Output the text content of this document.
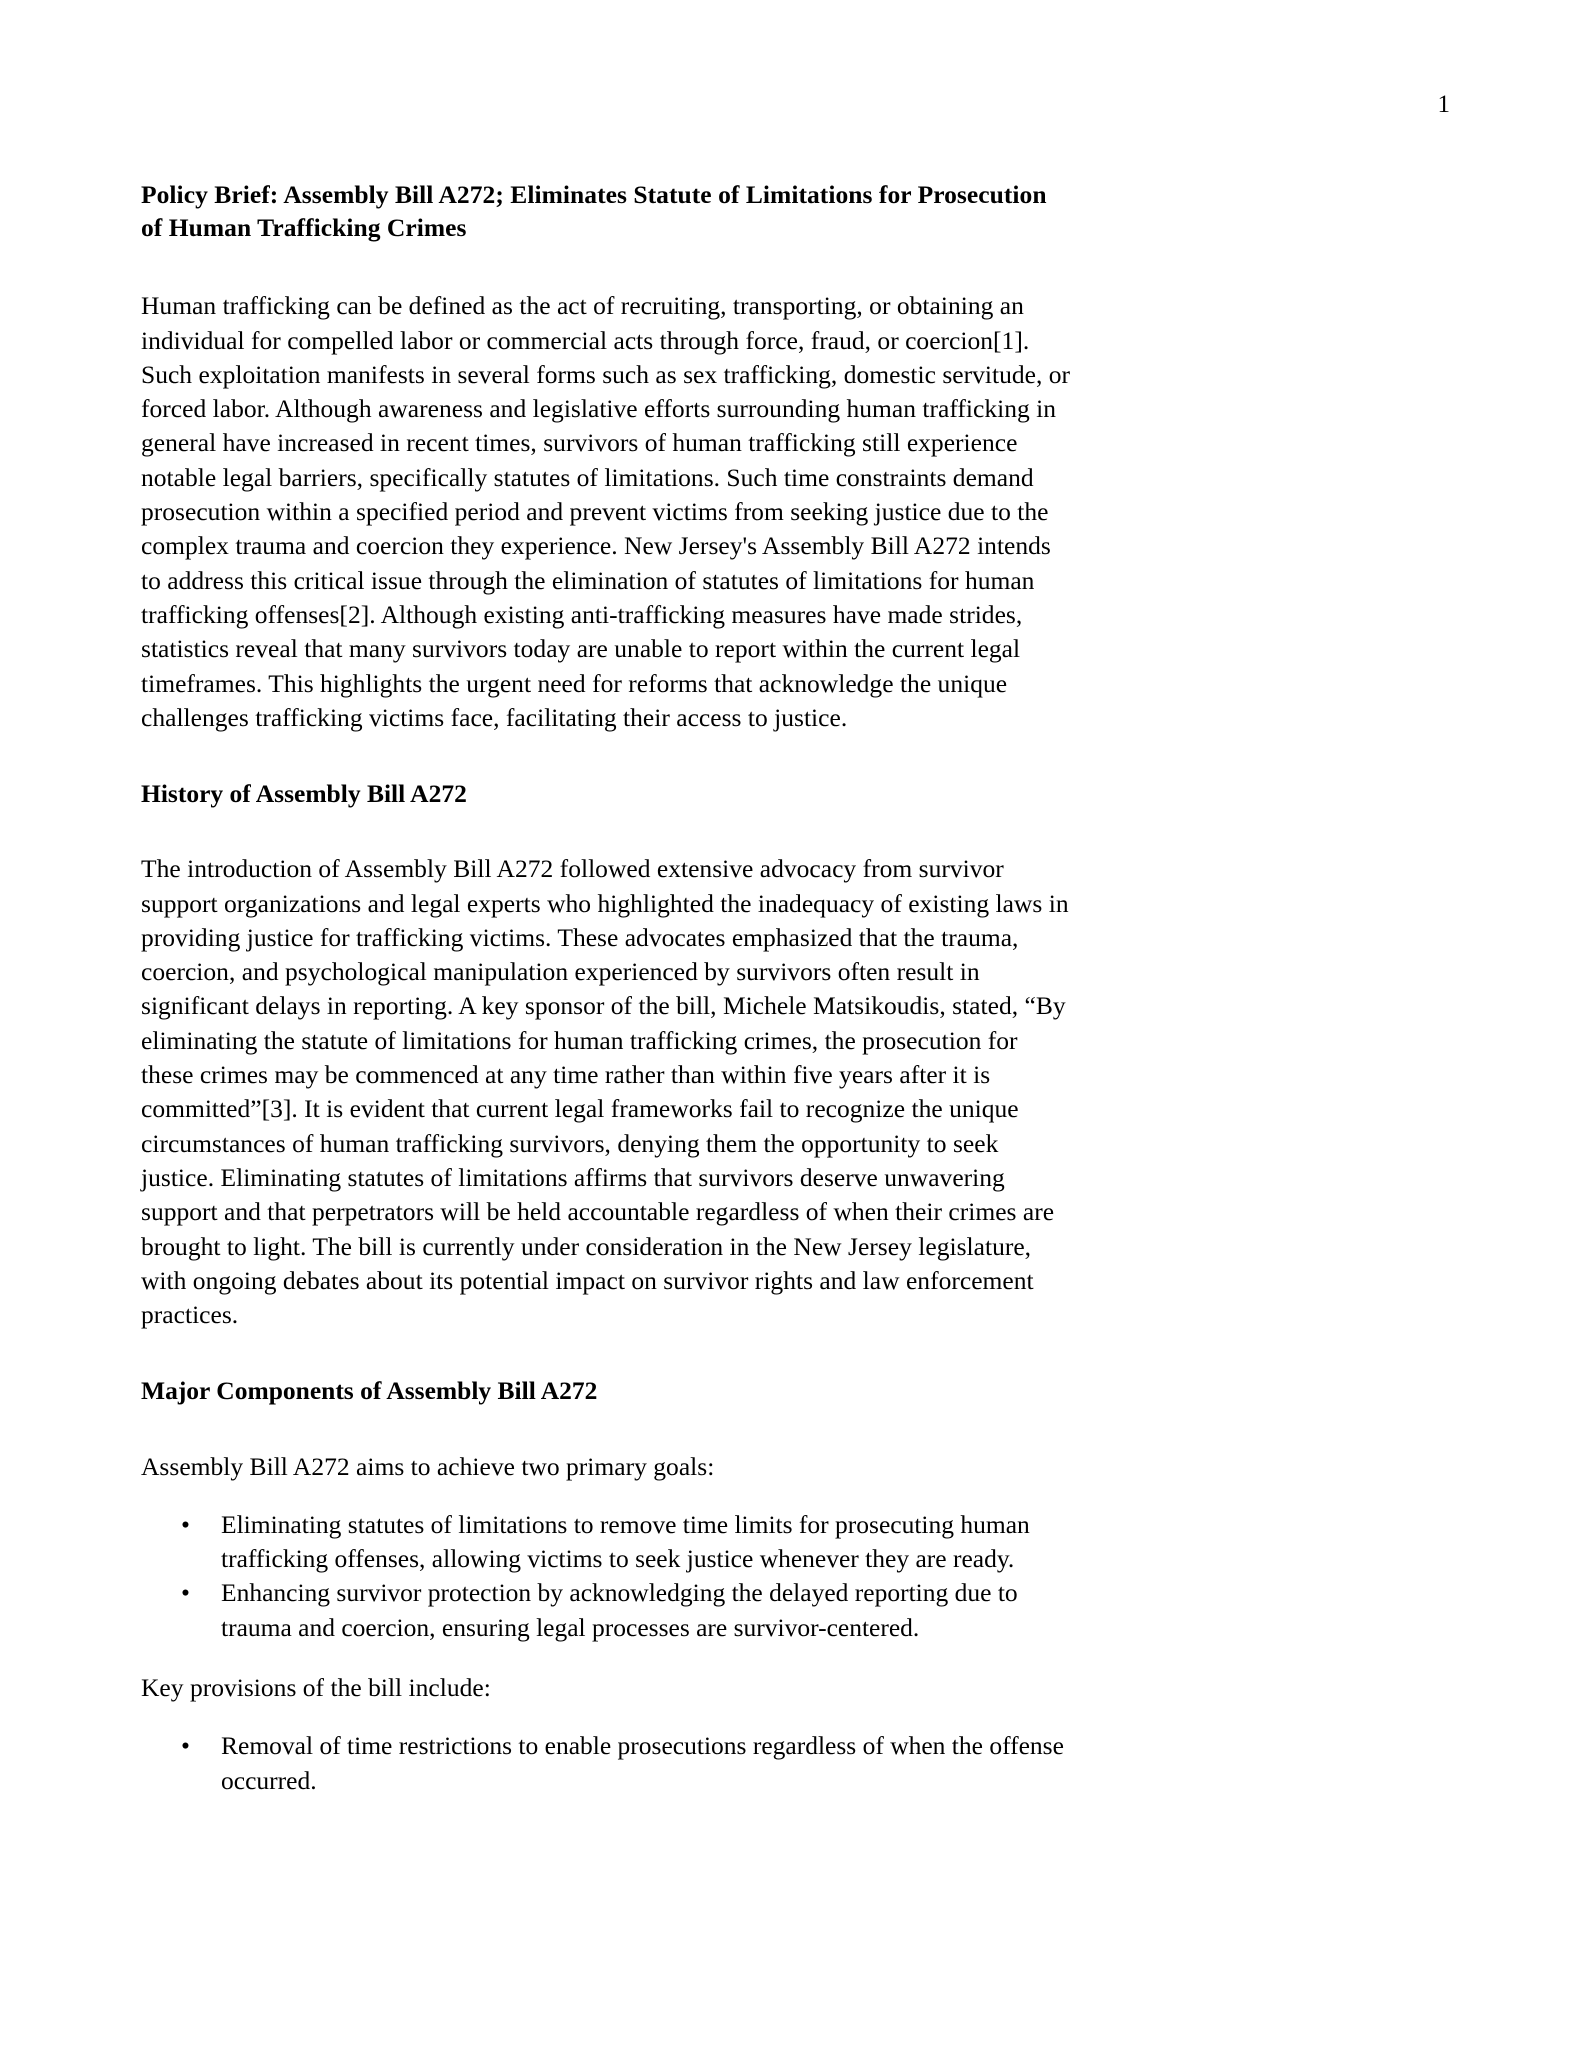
1
Policy Brief: Assembly Bill A272; Eliminates Statute of Limitations for Prosecution of Human Trafficking Crimes

Human trafficking can be defined as the act of recruiting, transporting, or obtaining an individual for compelled labor or commercial acts through force, fraud, or coercion[1]. Such exploitation manifests in several forms such as sex trafficking, domestic servitude, or forced labor. Although awareness and legislative efforts surrounding human trafficking in general have increased in recent times, survivors of human trafficking still experience notable legal barriers, specifically statutes of limitations. Such time constraints demand prosecution within a specified period and prevent victims from seeking justice due to the complex trauma and coercion they experience. New Jersey's Assembly Bill A272 intends to address this critical issue through the elimination of statutes of limitations for human trafficking offenses[2]. Although existing anti-trafficking measures have made strides, statistics reveal that many survivors today are unable to report within the current legal timeframes. This highlights the urgent need for reforms that acknowledge the unique challenges trafficking victims face, facilitating their access to justice.

History of Assembly Bill A272

The introduction of Assembly Bill A272 followed extensive advocacy from survivor support organizations and legal experts who highlighted the inadequacy of existing laws in providing justice for trafficking victims. These advocates emphasized that the trauma, coercion, and psychological manipulation experienced by survivors often result in significant delays in reporting. A key sponsor of the bill, Michele Matsikoudis, stated, “By eliminating the statute of limitations for human trafficking crimes, the prosecution for these crimes may be commenced at any time rather than within five years after it is committed”[3]. It is evident that current legal frameworks fail to recognize the unique circumstances of human trafficking survivors, denying them the opportunity to seek justice. Eliminating statutes of limitations affirms that survivors deserve unwavering support and that perpetrators will be held accountable regardless of when their crimes are brought to light. The bill is currently under consideration in the New Jersey legislature, with ongoing debates about its potential impact on survivor rights and law enforcement practices.

Major Components of Assembly Bill A272

Assembly Bill A272 aims to achieve two primary goals:

• Eliminating statutes of limitations to remove time limits for prosecuting human trafficking offenses, allowing victims to seek justice whenever they are ready.
• Enhancing survivor protection by acknowledging the delayed reporting due to trauma and coercion, ensuring legal processes are survivor-centered.

Key provisions of the bill include:

• Removal of time restrictions to enable prosecutions regardless of when the offense occurred.
